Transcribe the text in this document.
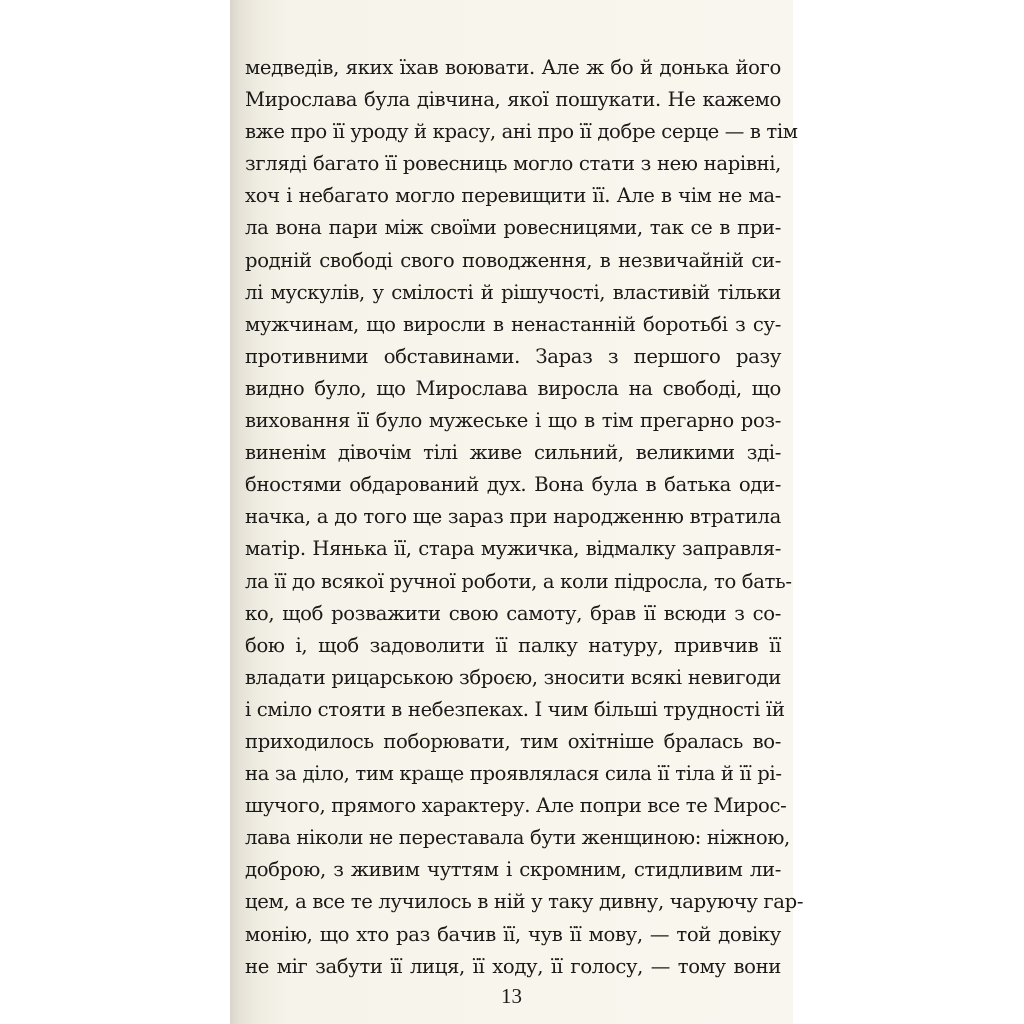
медведів, яких їхав воювати. Але ж бо й донька його
Мирослава була дівчина, якої пошукати. Не кажемо
вже про її уроду й красу, ані про її добре серце — в тім
згляді багато її ровесниць могло стати з нею нарівні,
хоч і небагато могло перевищити її. Але в чім не ма-
ла вона пари між своїми ровесницями, так се в при-
родній свободі свого поводження, в незвичайній си-
лі мускулів, у смілості й рішучості, властивій тільки
мужчинам, що виросли в ненастанній боротьбі з су-
противними обставинами. Зараз з першого разу
видно було, що Мирослава виросла на свободі, що
виховання її було мужеське і що в тім прегарно роз-
виненім дівочім тілі живе сильний, великими зді-
бностями обдарований дух. Вона була в батька оди-
начка, а до того ще зараз при народженню втратила
матір. Нянька її, стара мужичка, відмалку заправля-
ла її до всякої ручної роботи, а коли підросла, то бать-
ко, щоб розважити свою самоту, брав її всюди з со-
бою і, щоб задоволити її палку натуру, привчив її
владати рицарською зброєю, зносити всякі невигоди
і сміло стояти в небезпеках. І чим більші трудності їй
приходилось поборювати, тим охітніше бралась во-
на за діло, тим краще проявлялася сила її тіла й її рі-
шучого, прямого характеру. Але попри все те Мирос-
лава ніколи не переставала бути женщиною: ніжною,
доброю, з живим чуттям і скромним, стидливим ли-
цем, а все те лучилось в ній у таку дивну, чаруючу гар-
монію, що хто раз бачив її, чув її мову, — той довіку
не міг забути її лиця, її ходу, її голосу, — тому вони
13
